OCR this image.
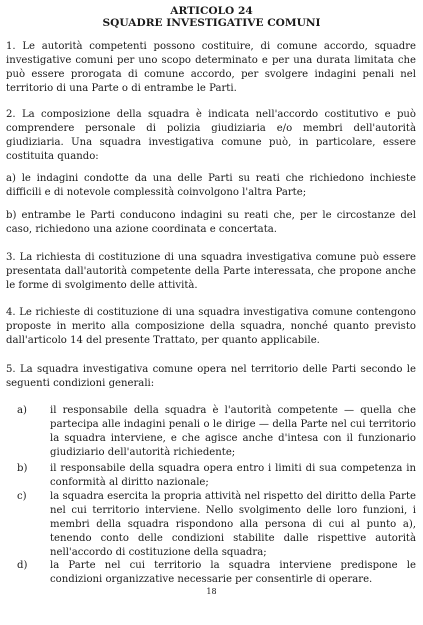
ARTICOLO 24
SQUADRE INVESTIGATIVE COMUNI

1. Le autorità competenti possono costituire, di comune accordo, squadre investigative comuni per uno scopo determinato e per una durata limitata che può essere prorogata di comune accordo, per svolgere indagini penali nel territorio di una Parte o di entrambe le Parti.

2. La composizione della squadra è indicata nell'accordo costitutivo e può comprendere personale di polizia giudiziaria e/o membri dell'autorità giudiziaria. Una squadra investigativa comune può, in particolare, essere costituita quando:

a) le indagini condotte da una delle Parti su reati che richiedono inchieste difficili e di notevole complessità coinvolgono l'altra Parte;

b) entrambe le Parti conducono indagini su reati che, per le circostanze del caso, richiedono una azione coordinata e concertata.

3. La richiesta di costituzione di una squadra investigativa comune può essere presentata dall'autorità competente della Parte interessata, che propone anche le forme di svolgimento delle attività.

4. Le richieste di costituzione di una squadra investigativa comune contengono proposte in merito alla composizione della squadra, nonché quanto previsto dall'articolo 14 del presente Trattato, per quanto applicabile.

5. La squadra investigativa comune opera nel territorio delle Parti secondo le seguenti condizioni generali:

a) il responsabile della squadra è l'autorità competente — quella che partecipa alle indagini penali o le dirige — della Parte nel cui territorio la squadra interviene, e che agisce anche d'intesa con il funzionario giudiziario dell'autorità richiedente;
b) il responsabile della squadra opera entro i limiti di sua competenza in conformità al diritto nazionale;
c) la squadra esercita la propria attività nel rispetto del diritto della Parte nel cui territorio interviene. Nello svolgimento delle loro funzioni, i membri della squadra rispondono alla persona di cui al punto a), tenendo conto delle condizioni stabilite dalle rispettive autorità nell'accordo di costituzione della squadra;
d) la Parte nel cui territorio la squadra interviene predispone le condizioni organizzative necessarie per consentirle di operare.
18
